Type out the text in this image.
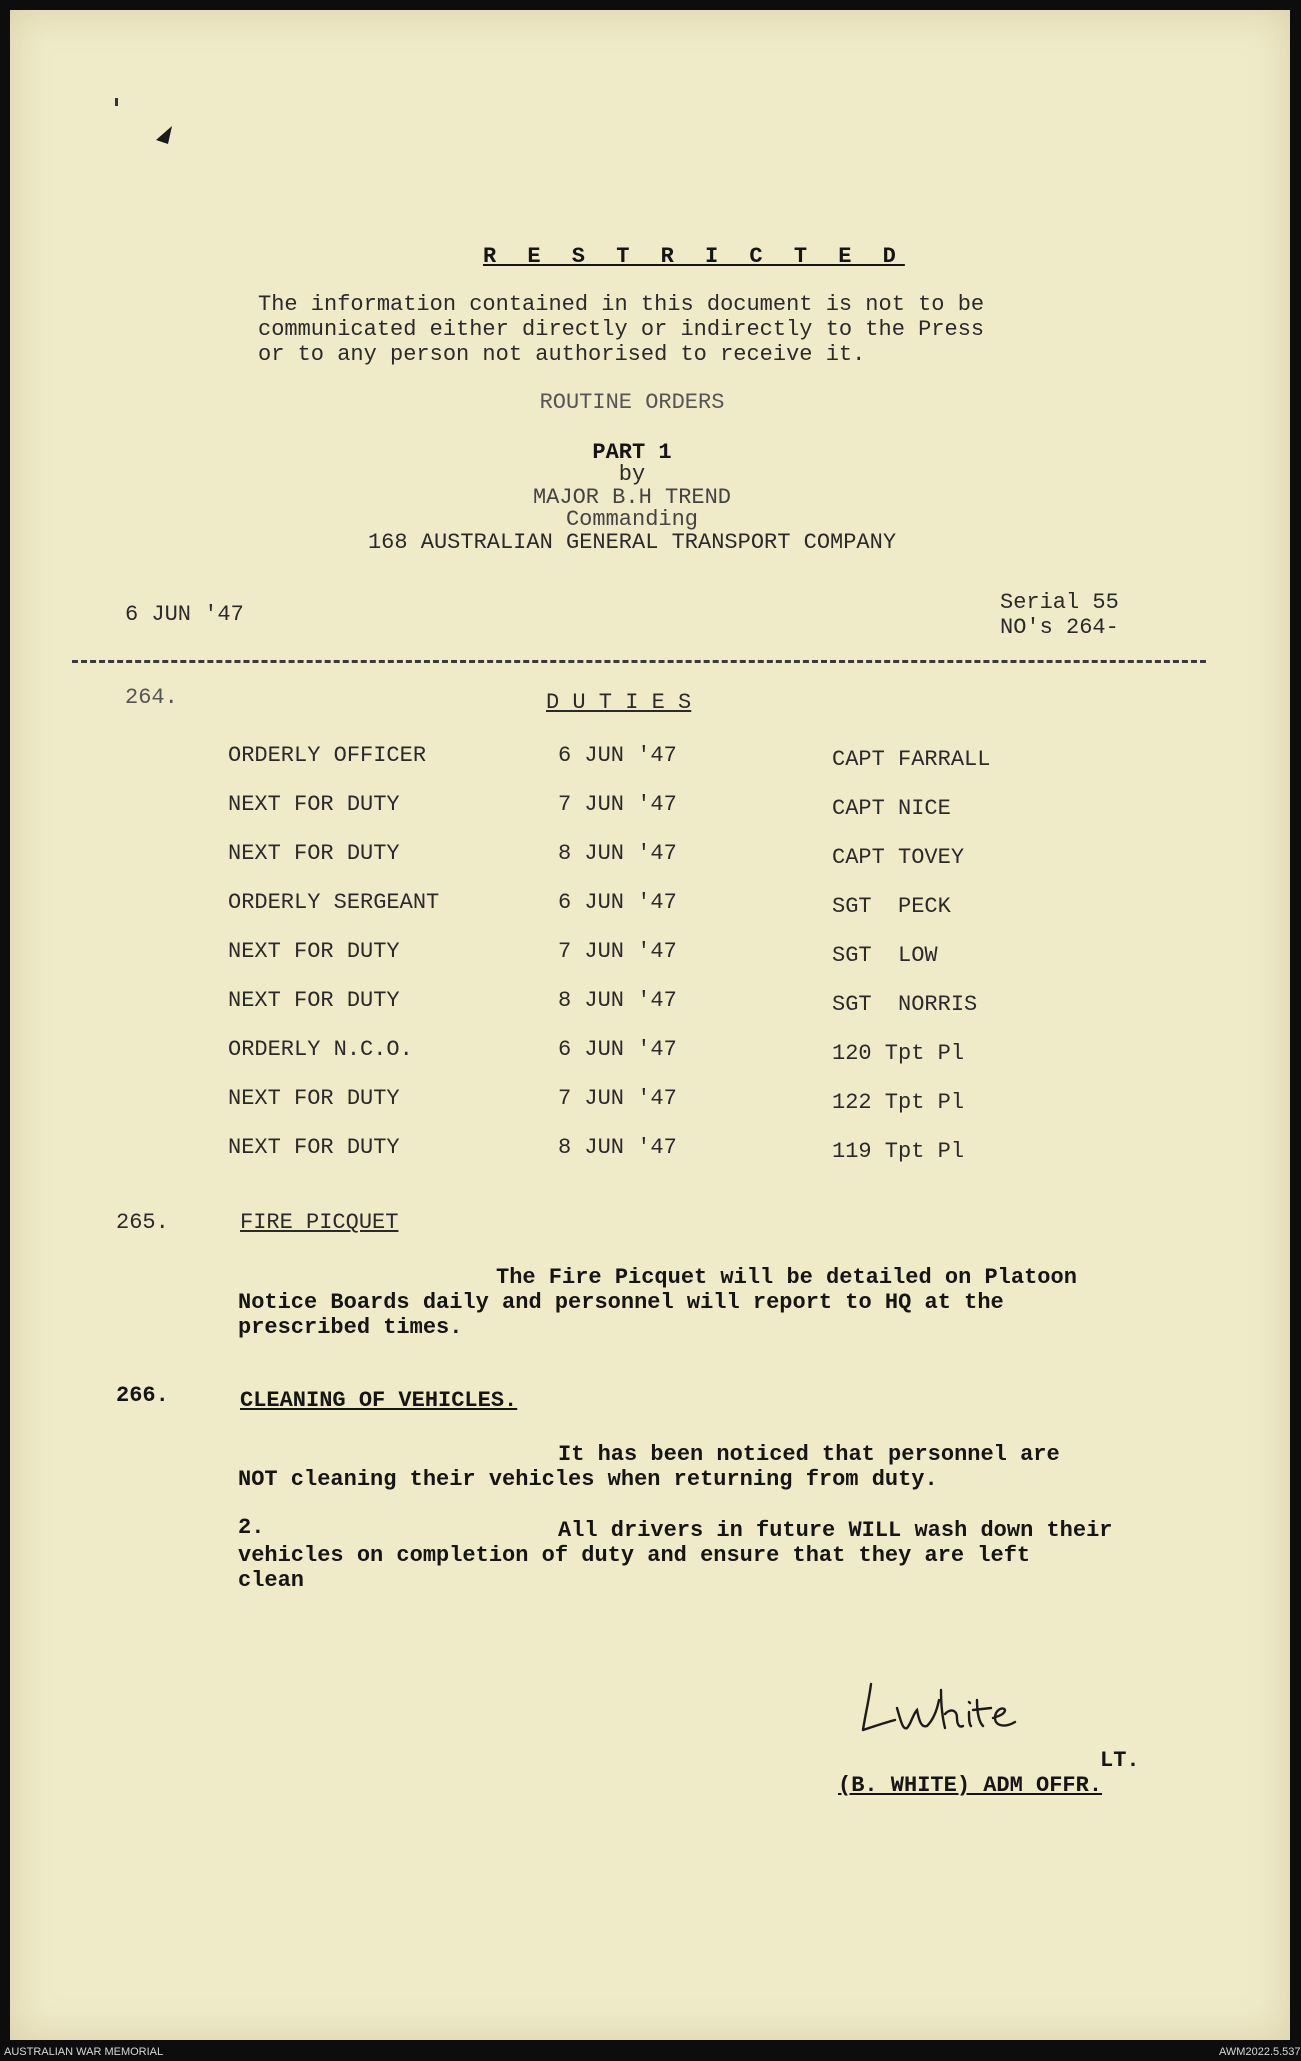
R E S T R I C T E D
The information contained in this document is not to be
communicated either directly or indirectly to the Press
or to any person not authorised to receive it.
ROUTINE ORDERS
PART 1
by
MAJOR B.H TREND
Commanding
168 AUSTRALIAN GENERAL TRANSPORT COMPANY
6 JUN '47	Serial 55
NO's 264-
264.	D U T I E S
ORDERLY OFFICER	6 JUN '47	CAPT FARRALL
NEXT FOR DUTY	7 JUN '47	CAPT NICE
NEXT FOR DUTY	8 JUN '47	CAPT TOVEY
ORDERLY SERGEANT	6 JUN '47	SGT  PECK
NEXT FOR DUTY	7 JUN '47	SGT  LOW
NEXT FOR DUTY	8 JUN '47	SGT  NORRIS
ORDERLY N.C.O.	6 JUN '47	120 Tpt Pl
NEXT FOR DUTY	7 JUN '47	122 Tpt Pl
NEXT FOR DUTY	8 JUN '47	119 Tpt Pl
265.	FIRE PICQUET
The Fire Picquet will be detailed on Platoon
Notice Boards daily and personnel will report to HQ at the
prescribed times.
266.	CLEANING OF VEHICLES.
It has been noticed that personnel are
NOT cleaning their vehicles when returning from duty.
2.	All drivers in future WILL wash down their
vehicles on completion of duty and ensure that they are left
clean
LT.
(B. WHITE) ADM OFFR.
AUSTRALIAN WAR MEMORIAL	AWM2022.5.537
